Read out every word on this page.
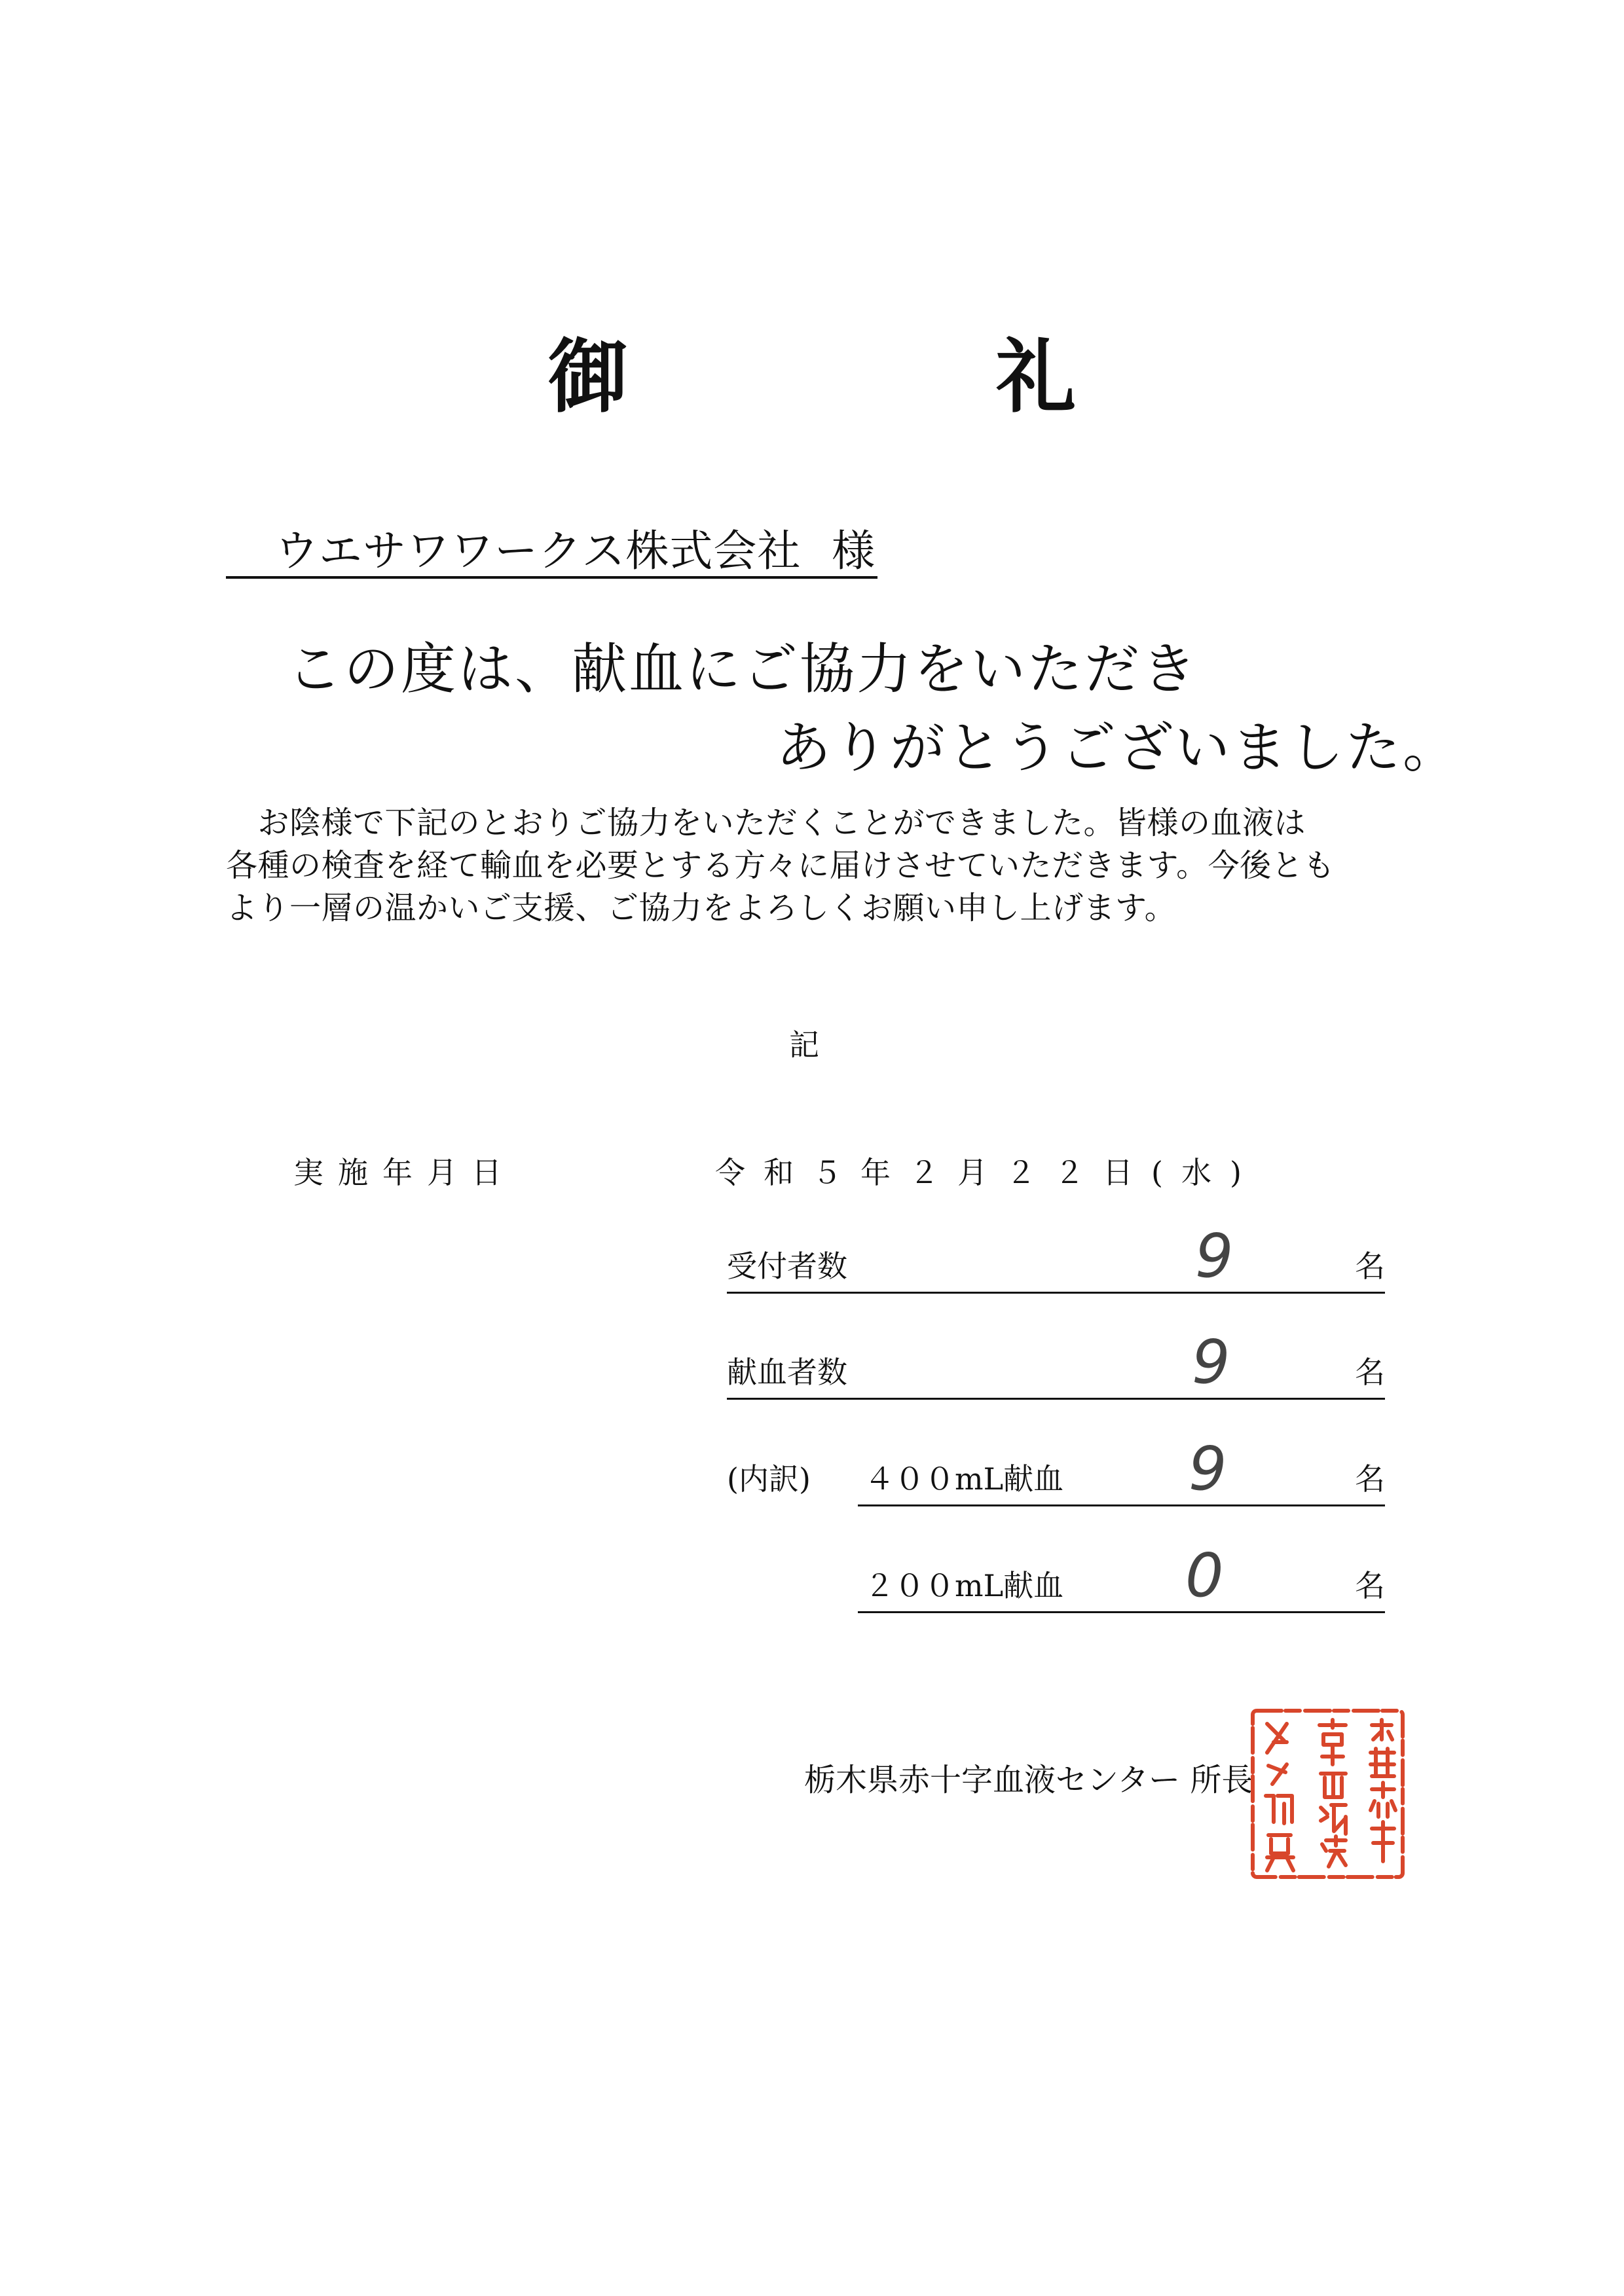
御　礼
ウエサワワークス株式会社 様
この度は、献血にご協力をいただき
ありがとうございました。
　お陰様で下記のとおりご協力をいただくことができました。皆様の血液は
各種の検査を経て輸血を必要とする方々に届けさせていただきます。今後とも
より一層の温かいご支援、ご協力をよろしくお願い申し上げます。
記
実施年月日	令和５年２月２２日(水)
受付者数	9	名
献血者数	9	名
(内訳) ４００mL献血 9	名
２００mL献血 0	名
栃木県赤十字血液センター 所長
